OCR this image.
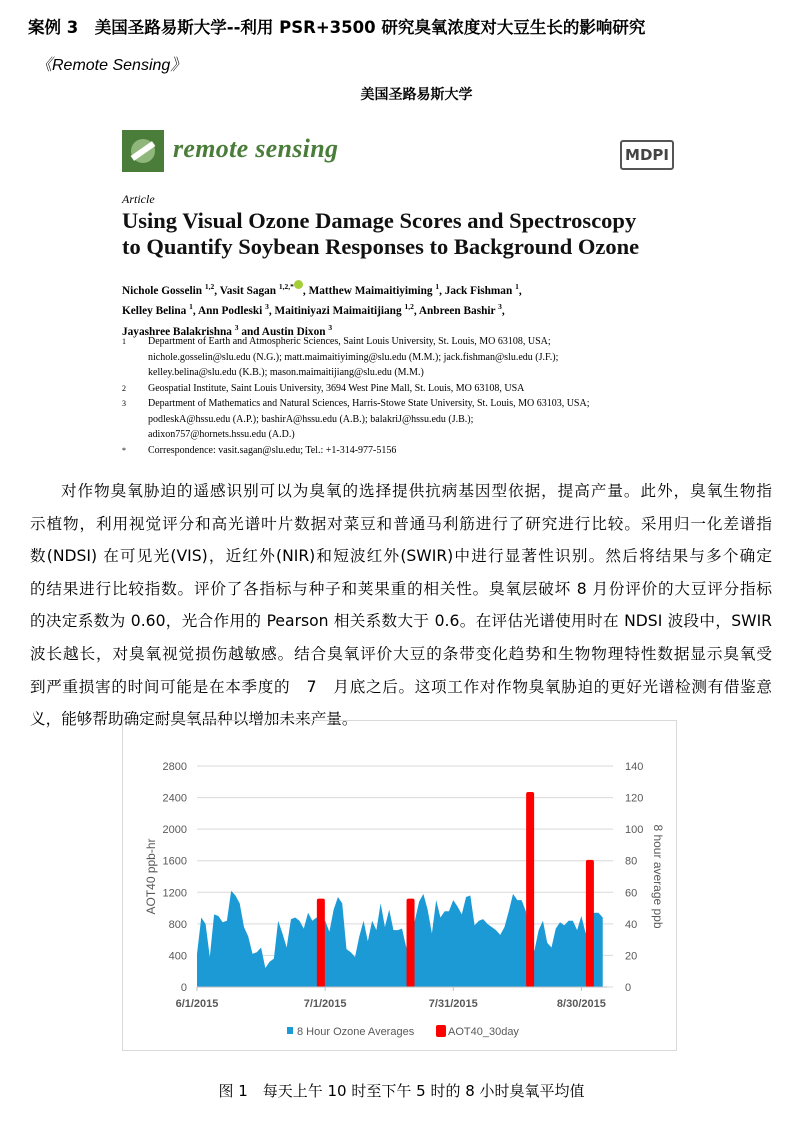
案例 3　美国圣路易斯大学--利用 PSR+3500 研究臭氧浓度对大豆生长的影响研究
《Remote Sensing》
美国圣路易斯大学
remote sensing	MDPI
Article
Using Visual Ozone Damage Scores and Spectroscopy
to Quantify Soybean Responses to Background Ozone
Nichole Gosselin $^{1,2}$, Vasit Sagan $^{1,2,*}$ , Matthew Maimaitiyiming $^1$, Jack Fishman $^1$,
Kelley Belina $^1$, Ann Podleski $^3$, Maitiniyazi Maimaitijiang $^{1,2}$, Anbreen Bashir $^3$,
Jayashree Balakrishna $^3$ and Austin Dixon $^3$
1	Department of Earth and Atmospheric Sciences, Saint Louis University, St. Louis, MO 63108, USA;
nichole.gosselin@slu.edu (N.G.); matt.maimaitiyiming@slu.edu (M.M.); jack.fishman@slu.edu (J.F.);
kelley.belina@slu.edu (K.B.); mason.maimaitijiang@slu.edu (M.M.)
2	Geospatial Institute, Saint Louis University, 3694 West Pine Mall, St. Louis, MO 63108, USA
3	Department of Mathematics and Natural Sciences, Harris-Stowe State University, St. Louis, MO 63103, USA;
podleskA@hssu.edu (A.P.); bashirA@hssu.edu (A.B.); balakriJ@hssu.edu (J.B.);
adixon757@hornets.hssu.edu (A.D.)
*	Correspondence: vasit.sagan@slu.edu; Tel.: +1-314-977-5156
对作物臭氧胁迫的遥感识别可以为臭氧的选择提供抗病基因型依据，提高产量。此外，臭氧生物指
示植物，利用视觉评分和高光谱叶片数据对菜豆和普通马利筋进行了研究进行比较。采用归一化差谱指
数(NDSI) 在可见光(VIS)，近红外(NIR)和短波红外(SWIR)中进行显著性识别。然后将结果与多个确定
的结果进行比较指数。评价了各指标与种子和荚果重的相关性。臭氧层破坏 8 月份评价的大豆评分指标
的决定系数为 0.60，光合作用的 Pearson 相关系数大于 0.6。在评估光谱使用时在 NDSI 波段中，SWIR
波长越长，对臭氧视觉损伤越敏感。结合臭氧评价大豆的条带变化趋势和生物物理特性数据显示臭氧受
到严重损害的时间可能是在本季度的　7　月底之后。这项工作对作物臭氧胁迫的更好光谱检测有借鉴意
义，能够帮助确定耐臭氧品种以增加未来产量。
0	0
400	20
800	40
1200	60
1600	80
2000	100
2400	120
2800	140
6/1/2015	7/1/2015	7/31/2015	8/30/2015
AOT40 ppb-hr	8 hour average ppb
8 Hour Ozone Averages	AOT40_30day
图 1　每天上午 10 时至下午 5 时的 8 小时臭氧平均值
